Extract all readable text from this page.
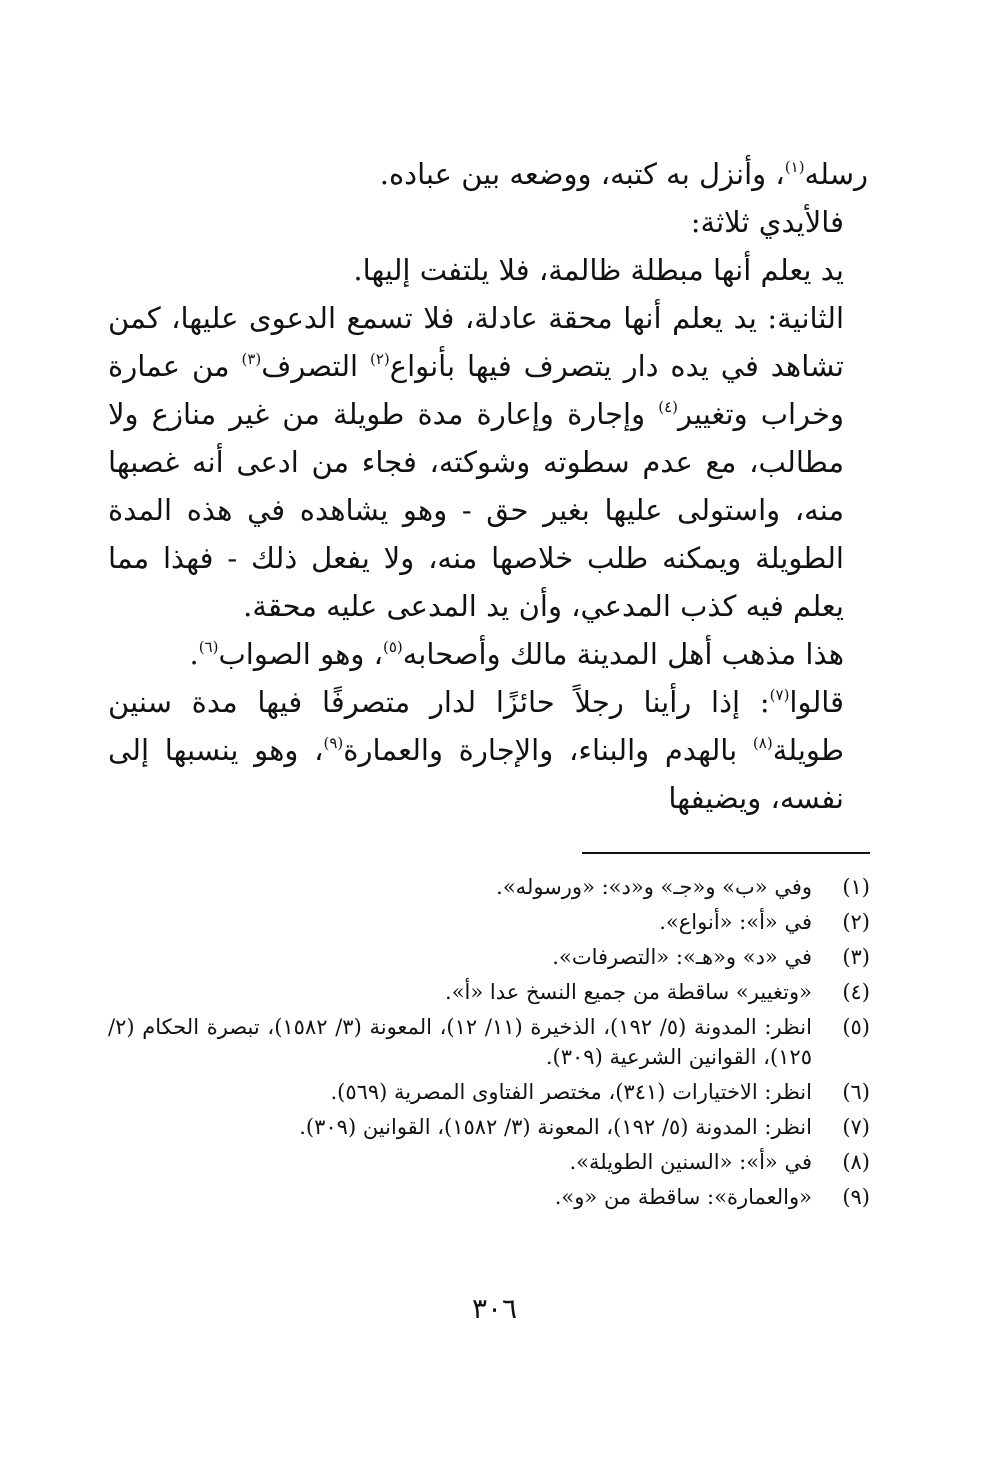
رسله$^{(١)}$، وأنزل به كتبه، ووضعه بين عباده.

فالأيدي ثلاثة:

يد يعلم أنها مبطلة ظالمة، فلا يلتفت إليها.

الثانية: يد يعلم أنها محقة عادلة، فلا تسمع الدعوى عليها، كمن تشاهد في يده دار يتصرف فيها بأنواع$^{(٢)}$ التصرف$^{(٣)}$ من عمارة وخراب وتغيير$^{(٤)}$ وإجارة وإعارة مدة طويلة من غير منازع ولا مطالب، مع عدم سطوته وشوكته، فجاء من ادعى أنه غصبها منه، واستولى عليها بغير حق - وهو يشاهده في هذه المدة الطويلة ويمكنه طلب خلاصها منه، ولا يفعل ذلك - فهذا مما يعلم فيه كذب المدعي، وأن يد المدعى عليه محقة.

هذا مذهب أهل المدينة مالك وأصحابه$^{(٥)}$، وهو الصواب$^{(٦)}$.

قالوا$^{(٧)}$: إذا رأينا رجلاً حائزًا لدار متصرفًا فيها مدة سنين طويلة$^{(٨)}$ بالهدم والبناء، والإجارة والعمارة$^{(٩)}$، وهو ينسبها إلى نفسه، ويضيفها

(١)
وفي «ب» و«جـ» و«د»: «ورسوله».
(٢)
في «أ»: «أنواع».
(٣)
في «د» و«هـ»: «التصرفات».
(٤)
«وتغيير» ساقطة من جميع النسخ عدا «أ».
(٥)
انظر: المدونة (٥/ ١٩٢)، الذخيرة (١١/ ١٢)، المعونة (٣/ ١٥٨٢)، تبصرة الحكام (٢/ ١٢٥)، القوانين الشرعية (٣٠٩).
(٦)
انظر: الاختيارات (٣٤١)، مختصر الفتاوى المصرية (٥٦٩).
(٧)
انظر: المدونة (٥/ ١٩٢)، المعونة (٣/ ١٥٨٢)، القوانين (٣٠٩).
(٨)
في «أ»: «السنين الطويلة».
(٩)
«والعمارة»: ساقطة من «و».
٣٠٦
